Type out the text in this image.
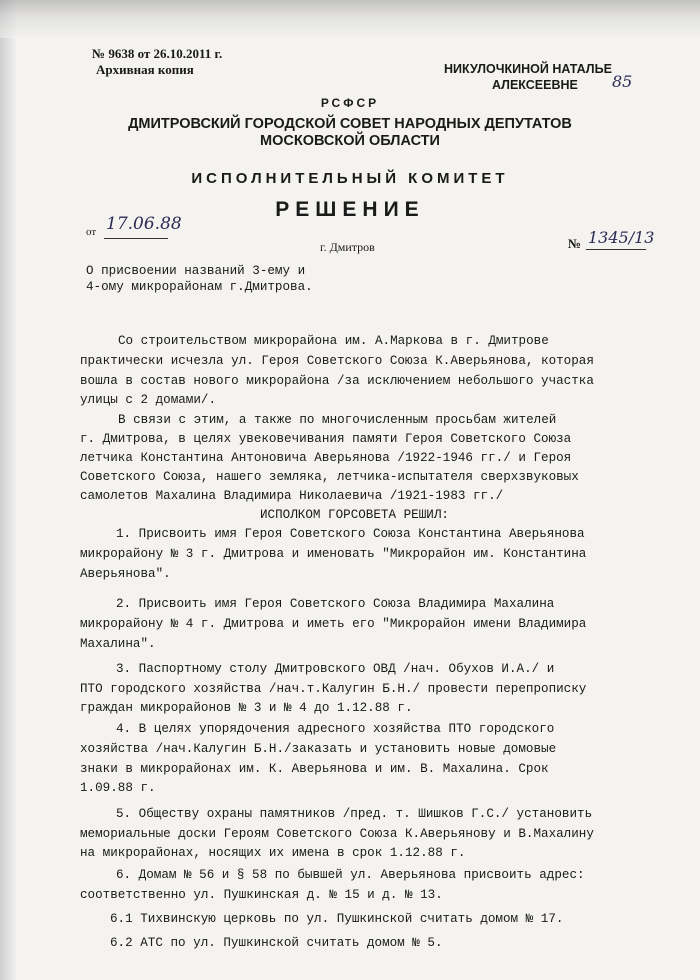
№ 9638 от 26.10.2011 г.
Архивная копия	НИКУЛОЧКИНОЙ НАТАЛЬЕ
АЛЕКСЕЕВНЕ 85
РСФСР
ДМИТРОВСКИЙ ГОРОДСКОЙ СОВЕТ НАРОДНЫХ ДЕПУТАТОВ
МОСКОВСКОЙ ОБЛАСТИ
ИСПОЛНИТЕЛЬНЫЙ КОМИТЕТ
РЕШЕНИЕ
от 17.06.88
г. Дмитров	№ 1345/13
О присвоении названий 3-ему и
4-ому микрорайонам г.Дмитрова.
Со строительством микрорайона им. А.Маркова в г. Дмитрове
практически исчезла ул. Героя Советского Союза К.Аверьянова, которая
вошла в состав нового микрорайона /за исключением небольшого участка
улицы с 2 домами/.
В связи с этим, а также по многочисленным просьбам жителей
г. Дмитрова, в целях увековечивания памяти Героя Советского Союза
летчика Константина Антоновича Аверьянова /1922-1946 гг./ и Героя
Советского Союза, нашего земляка, летчика-испытателя сверхзвуковых
самолетов Махалина Владимира Николаевича /1921-1983 гг./
ИСПОЛКОМ ГОРСОВЕТА РЕШИЛ:
1. Присвоить имя Героя Советского Союза Константина Аверьянова
микрорайону № 3 г. Дмитрова и именовать "Микрорайон им. Константина
Аверьянова".
2. Присвоить имя Героя Советского Союза Владимира Махалина
микрорайону № 4 г. Дмитрова и иметь его "Микрорайон имени Владимира
Махалина".
3. Паспортному столу Дмитровского ОВД /нач. Обухов И.А./ и
ПТО городского хозяйства /нач.т.Калугин Б.Н./ провести перепрописку
граждан микрорайонов № 3 и № 4 до 1.12.88 г.
4. В целях упорядочения адресного хозяйства ПТО городского
хозяйства /нач.Калугин Б.Н./заказать и установить новые домовые
знаки в микрорайонах им. К. Аверьянова и им. В. Махалина. Срок
1.09.88 г.
5. Обществу охраны памятников /пред. т. Шишков Г.С./ установить
мемориальные доски Героям Советского Союза К.Аверьянову и В.Махалину
на микрорайонах, носящих их имена в срок 1.12.88 г.
6. Домам № 56 и § 58 по бывшей ул. Аверьянова присвоить адрес:
соответственно ул. Пушкинская д. № 15 и д. № 13.
6.1 Тихвинскую церковь по ул. Пушкинской считать домом № 17.
6.2 АТС по ул. Пушкинской считать домом № 5.
